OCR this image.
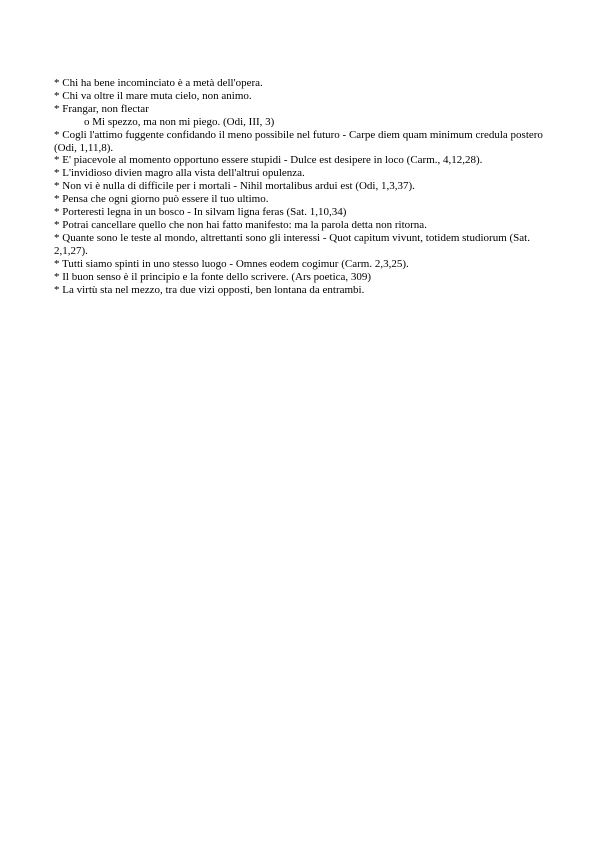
* Chi ha bene incominciato è a metà dell'opera.
* Chi va oltre il mare muta cielo, non animo.
* Frangar, non flectar
o Mi spezzo, ma non mi piego. (Odi, III, 3)
* Cogli l'attimo fuggente confidando il meno possibile nel futuro - Carpe diem quam minimum credula postero (Odi, 1,11,8).
* E' piacevole al momento opportuno essere stupidi - Dulce est desipere in loco (Carm., 4,12,28).
* L'invidioso divien magro alla vista dell'altrui opulenza.
* Non vi è nulla di difficile per i mortali - Nihil mortalibus ardui est (Odi, 1,3,37).
* Pensa che ogni giorno può essere il tuo ultimo.
* Porteresti legna in un bosco - In silvam ligna feras (Sat. 1,10,34)
* Potrai cancellare quello che non hai fatto manifesto: ma la parola detta non ritorna.
* Quante sono le teste al mondo, altrettanti sono gli interessi - Quot capitum vivunt, totidem studiorum (Sat. 2,1,27).
* Tutti siamo spinti in uno stesso luogo - Omnes eodem cogimur (Carm. 2,3,25).
* Il buon senso è il principio e la fonte dello scrivere. (Ars poetica, 309)
* La virtù sta nel mezzo, tra due vizi opposti, ben lontana da entrambi.
